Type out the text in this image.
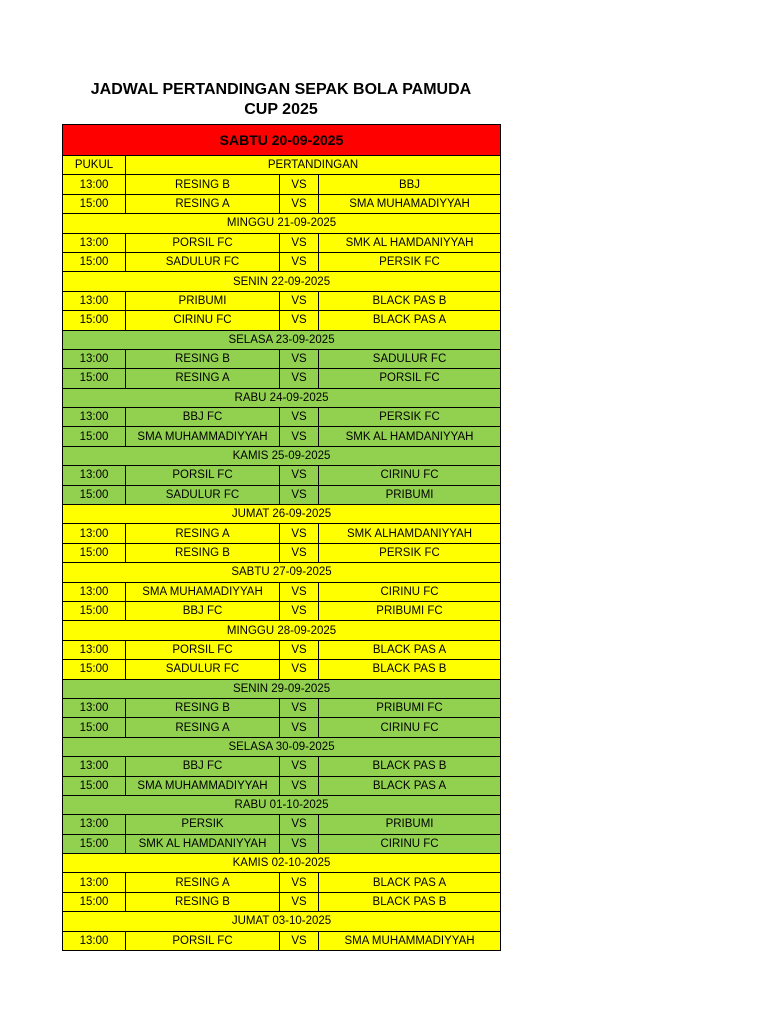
JADWAL PERTANDINGAN SEPAK BOLA PAMUDA
CUP 2025
SABTU 20-09-2025			
PUKUL	PERTANDINGAN		
13:00	RESING B	VS	BBJ
15:00	RESING A	VS	SMA MUHAMADIYYAH
MINGGU 21-09-2025			
13:00	PORSIL FC	VS	SMK AL HAMDANIYYAH
15:00	SADULUR FC	VS	PERSIK FC
SENIN 22-09-2025			
13:00	PRIBUMI	VS	BLACK PAS B
15:00	CIRINU FC	VS	BLACK PAS A
SELASA 23-09-2025			
13:00	RESING B	VS	SADULUR FC
15:00	RESING A	VS	PORSIL FC
RABU 24-09-2025			
13:00	BBJ FC	VS	PERSIK FC
15:00	SMA MUHAMMADIYYAH	VS	SMK AL HAMDANIYYAH
KAMIS 25-09-2025			
13:00	PORSIL FC	VS	CIRINU FC
15:00	SADULUR FC	VS	PRIBUMI
JUMAT 26-09-2025			
13:00	RESING A	VS	SMK ALHAMDANIYYAH
15:00	RESING B	VS	PERSIK FC
SABTU 27-09-2025			
13:00	SMA MUHAMADIYYAH	VS	CIRINU FC
15:00	BBJ FC	VS	PRIBUMI FC
MINGGU 28-09-2025			
13:00	PORSIL FC	VS	BLACK PAS A
15:00	SADULUR FC	VS	BLACK PAS B
SENIN 29-09-2025			
13:00	RESING B	VS	PRIBUMI FC
15:00	RESING A	VS	CIRINU FC
SELASA 30-09-2025			
13:00	BBJ FC	VS	BLACK PAS B
15:00	SMA MUHAMMADIYYAH	VS	BLACK PAS A
RABU 01-10-2025			
13:00	PERSIK	VS	PRIBUMI
15:00	SMK AL HAMDANIYYAH	VS	CIRINU FC
KAMIS 02-10-2025			
13:00	RESING A	VS	BLACK PAS A
15:00	RESING B	VS	BLACK PAS B
JUMAT 03-10-2025			
13:00	PORSIL FC	VS	SMA MUHAMMADIYYAH
